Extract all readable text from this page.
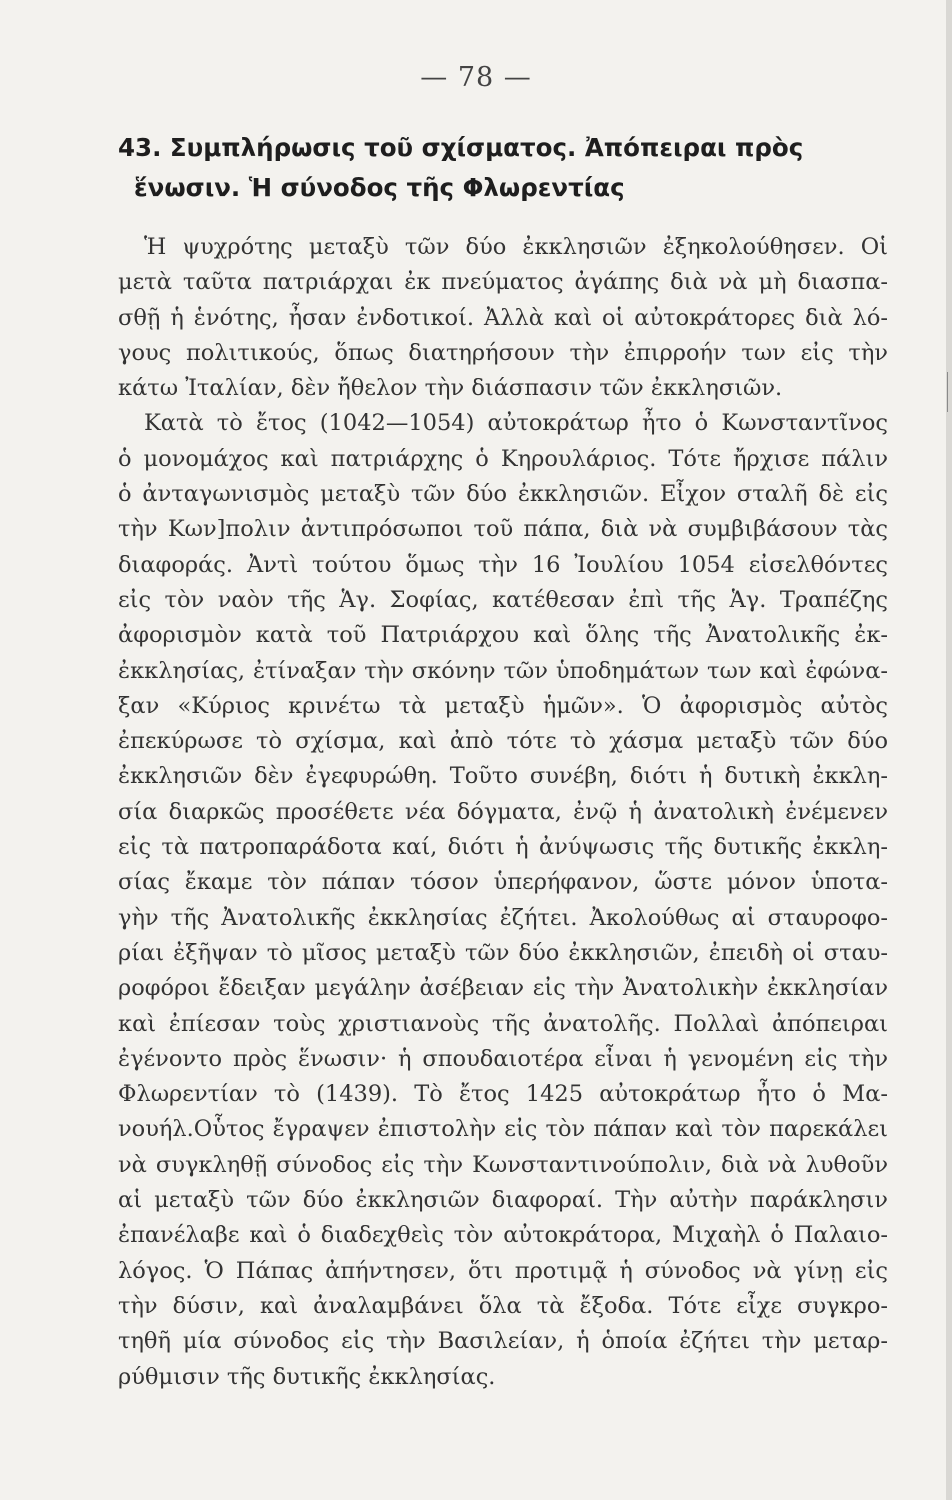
— 78 —
43. Συμπλήρωσις τοῦ σχίσματος. Ἀπόπειραι πρὸς
ἕνωσιν. Ἡ σύνοδος τῆς Φλωρεντίας
Ἡ ψυχρότης μεταξὺ τῶν δύο ἐκκλησιῶν ἐξηκολούθησεν. Οἱ
μετὰ ταῦτα πατριάρχαι ἐκ πνεύματος ἀγάπης διὰ νὰ μὴ διασπα-
σθῇ ἡ ἑνότης, ἦσαν ἐνδοτικοί. Ἀλλὰ καὶ οἱ αὐτοκράτορες διὰ λό-
γους πολιτικούς, ὅπως διατηρήσουν τὴν ἐπιρροήν των εἰς τὴν
κάτω Ἰταλίαν, δὲν ἤθελον τὴν διάσπασιν τῶν ἐκκλησιῶν.
Κατὰ τὸ ἔτος (1042—1054) αὐτοκράτωρ ἦτο ὁ Κωνσταντῖνος
ὁ μονομάχος καὶ πατριάρχης ὁ Κηρουλάριος. Τότε ἤρχισε πάλιν
ὁ ἀνταγωνισμὸς μεταξὺ τῶν δύο ἐκκλησιῶν. Εἶχον σταλῆ δὲ εἰς
τὴν Κων]πολιν ἀντιπρόσωποι τοῦ πάπα, διὰ νὰ συμβιβάσουν τὰς
διαφοράς. Ἀντὶ τούτου ὅμως τὴν 16 Ἰουλίου 1054 εἰσελθόντες
εἰς τὸν ναὸν τῆς Ἁγ. Σοφίας, κατέθεσαν ἐπὶ τῆς Ἁγ. Τραπέζης
ἀφορισμὸν κατὰ τοῦ Πατριάρχου καὶ ὅλης τῆς Ἀνατολικῆς ἐκ-
ἐκκλησίας, ἐτίναξαν τὴν σκόνην τῶν ὑποδημάτων των καὶ ἐφώνα-
ξαν «Κύριος κρινέτω τὰ μεταξὺ ἡμῶν». Ὁ ἀφορισμὸς αὐτὸς
ἐπεκύρωσε τὸ σχίσμα, καὶ ἀπὸ τότε τὸ χάσμα μεταξὺ τῶν δύο
ἐκκλησιῶν δὲν ἐγεφυρώθη. Τοῦτο συνέβη, διότι ἡ δυτικὴ ἐκκλη-
σία διαρκῶς προσέθετε νέα δόγματα, ἐνῷ ἡ ἀνατολικὴ ἐνέμενεν
εἰς τὰ πατροπαράδοτα καί, διότι ἡ ἀνύψωσις τῆς δυτικῆς ἐκκλη-
σίας ἔκαμε τὸν πάπαν τόσον ὑπερήφανον, ὥστε μόνον ὑποτα-
γὴν τῆς Ἀνατολικῆς ἐκκλησίας ἐζήτει. Ἀκολούθως αἱ σταυροφο-
ρίαι ἐξῆψαν τὸ μῖσος μεταξὺ τῶν δύο ἐκκλησιῶν, ἐπειδὴ οἱ σταυ-
ροφόροι ἔδειξαν μεγάλην ἀσέβειαν εἰς τὴν Ἀνατολικὴν ἐκκλησίαν
καὶ ἐπίεσαν τοὺς χριστιανοὺς τῆς ἀνατολῆς. Πολλαὶ ἀπόπειραι
ἐγένοντο πρὸς ἕνωσιν· ἡ σπουδαιοτέρα εἶναι ἡ γενομένη εἰς τὴν
Φλωρεντίαν τὸ (1439). Τὸ ἔτος 1425 αὐτοκράτωρ ἦτο ὁ Μα-
νουήλ.Οὗτος ἔγραψεν ἐπιστολὴν εἰς τὸν πάπαν καὶ τὸν παρεκάλει
νὰ συγκληθῇ σύνοδος εἰς τὴν Κωνσταντινούπολιν, διὰ νὰ λυθοῦν
αἱ μεταξὺ τῶν δύο ἐκκλησιῶν διαφοραί. Τὴν αὐτὴν παράκλησιν
ἐπανέλαβε καὶ ὁ διαδεχθεὶς τὸν αὐτοκράτορα, Μιχαὴλ ὁ Παλαιο-
λόγος. Ὁ Πάπας ἀπήντησεν, ὅτι προτιμᾷ ἡ σύνοδος νὰ γίνῃ εἰς
τὴν δύσιν, καὶ ἀναλαμβάνει ὅλα τὰ ἔξοδα. Τότε εἶχε συγκρο-
τηθῆ μία σύνοδος εἰς τὴν Βασιλείαν, ἡ ὁποία ἐζήτει τὴν μεταρ-
ρύθμισιν τῆς δυτικῆς ἐκκλησίας.
